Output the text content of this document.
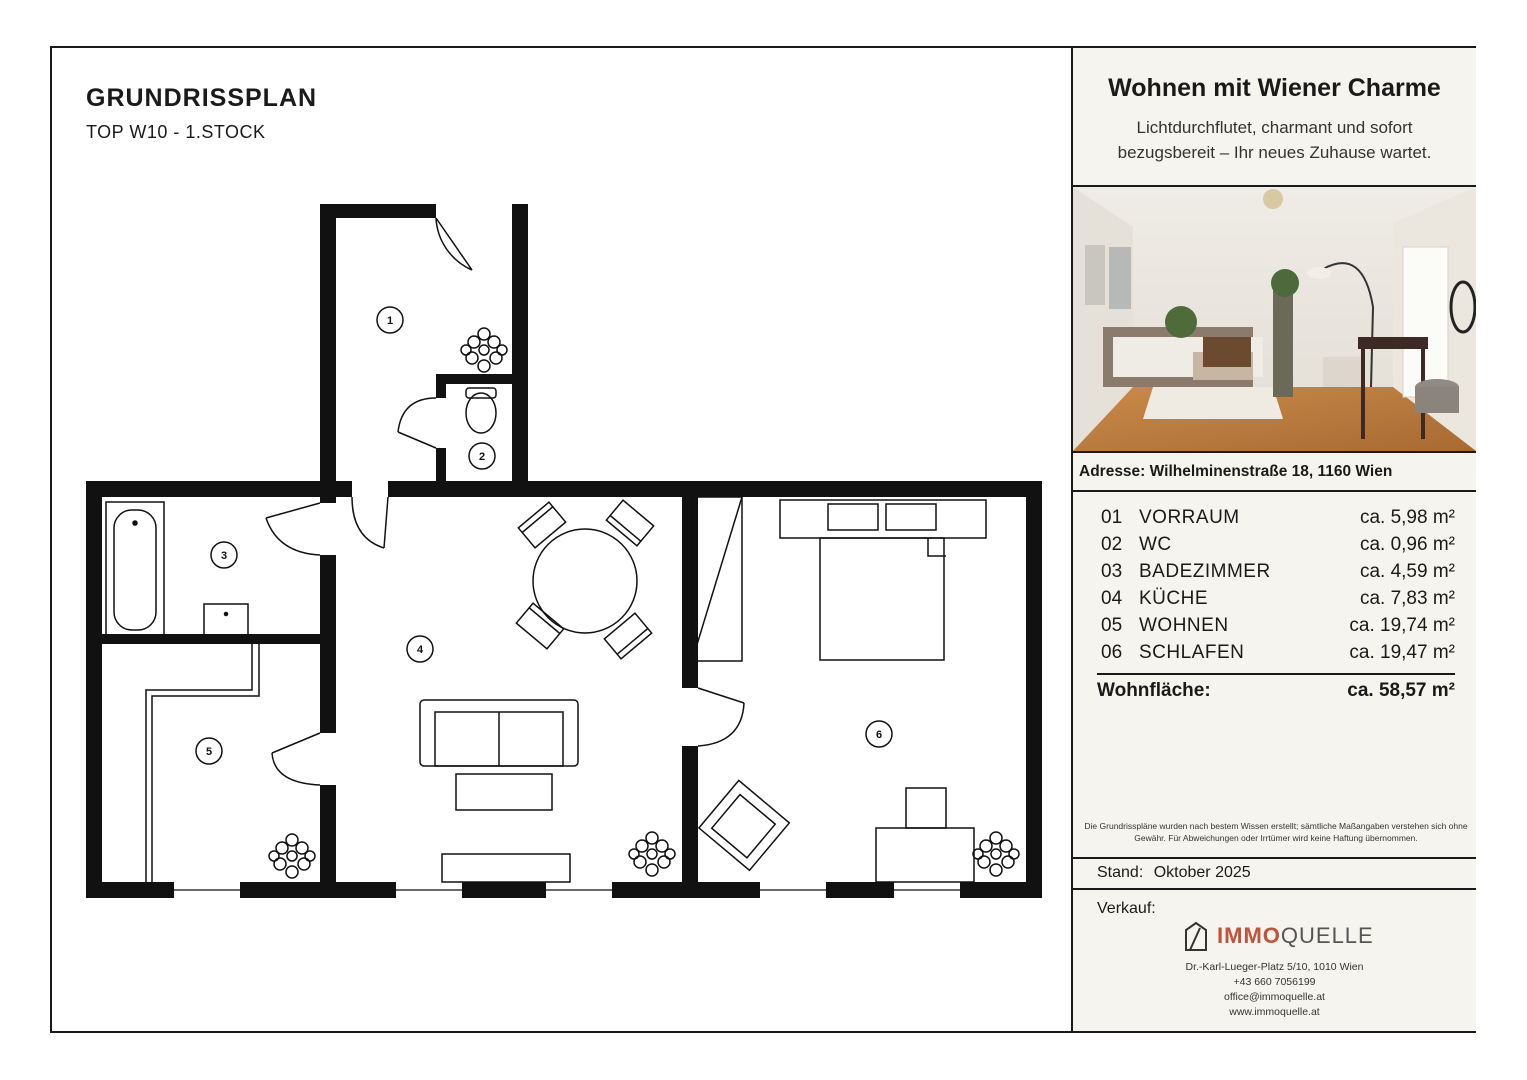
GRUNDRISSPLAN
TOP W10 - 1.STOCK
1
2
3
4
5
6
Wohnen mit Wiener Charme

Lichtdurchflutet, charmant und sofort bezugsbereit – Ihr neues Zuhause wartet.

Adresse: Wilhelminenstraße 18, 1160 Wien
01 VORRAUM	ca. 5,98 m²
02 WC	ca. 0,96 m²
03 BADEZIMMER	ca. 4,59 m²
04 KÜCHE	ca. 7,83 m²
05 WOHNEN	ca. 19,74 m²
06 SCHLAFEN	ca. 19,47 m²
Wohnfläche:	ca. 58,57 m²
Die Grundrisspläne wurden nach bestem Wissen erstellt; sämtliche Maßangaben verstehen sich ohne Gewähr. Für Abweichungen oder Irrtümer wird keine Haftung übernommen.
Stand: Oktober 2025
Verkauf:
IMMOQUELLE
Dr.-Karl-Lueger-Platz 5/10, 1010 Wien
+43 660 7056199
office@immoquelle.at
www.immoquelle.at
